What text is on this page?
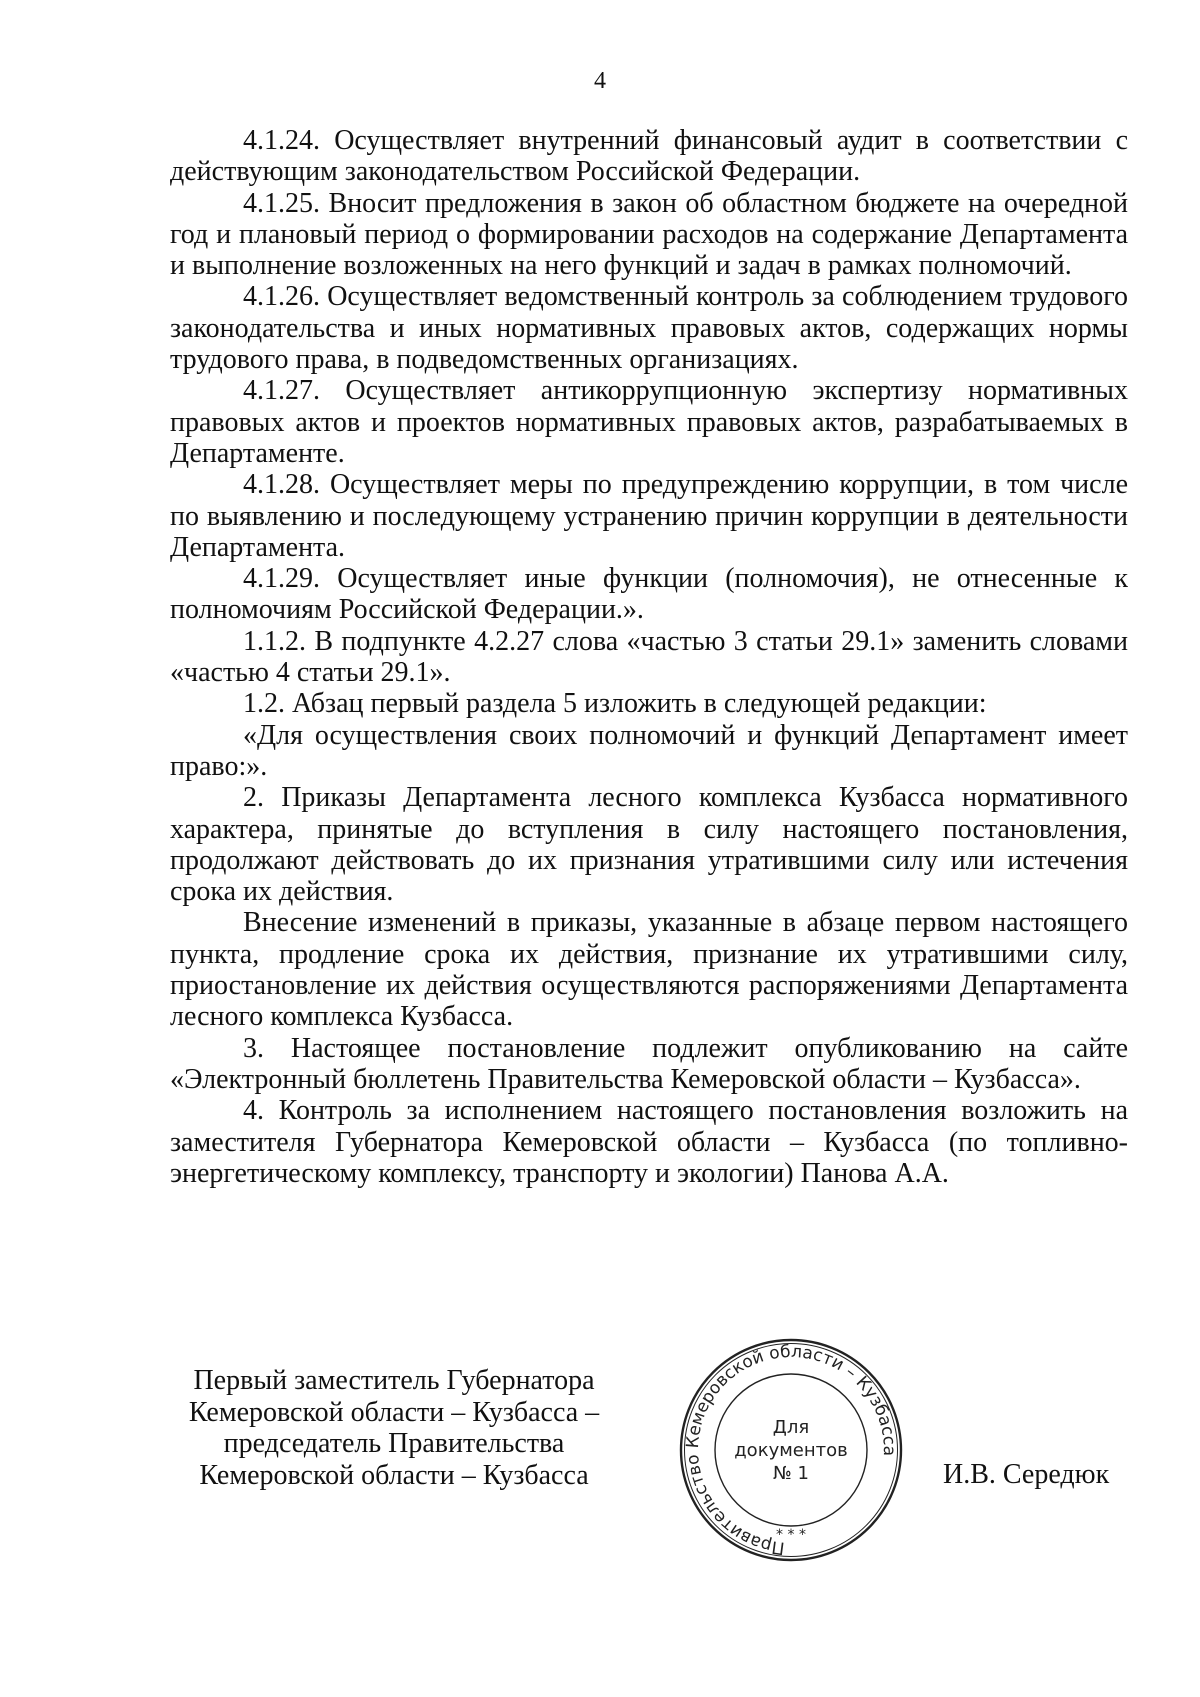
4

4.1.24. Осуществляет внутренний финансовый аудит в соответствии с действующим законодательством Российской Федерации.

4.1.25. Вносит предложения в закон об областном бюджете на очередной год и плановый период о формировании расходов на содержание Департамента и выполнение возложенных на него функций и задач в рамках полномочий.

4.1.26. Осуществляет ведомственный контроль за соблюдением трудового законодательства и иных нормативных правовых актов, содержащих нормы трудового права, в подведомственных организациях.

4.1.27. Осуществляет антикоррупционную экспертизу нормативных правовых актов и проектов нормативных правовых актов, разрабатываемых в Департаменте.

4.1.28. Осуществляет меры по предупреждению коррупции, в том числе по выявлению и последующему устранению причин коррупции в деятельности Департамента.

4.1.29. Осуществляет иные функции (полномочия), не отнесенные к полномочиям Российской Федерации.».

1.1.2. В подпункте 4.2.27 слова «частью 3 статьи 29.1» заменить словами «частью 4 статьи 29.1».

1.2. Абзац первый раздела 5 изложить в следующей редакции:

«Для осуществления своих полномочий и функций Департамент имеет право:».

2. Приказы Департамента лесного комплекса Кузбасса нормативного характера, принятые до вступления в силу настоящего постановления, продолжают действовать до их признания утратившими силу или истечения срока их действия.

Внесение изменений в приказы, указанные в абзаце первом настоящего пункта, продление срока их действия, признание их утратившими силу, приостановление их действия осуществляются распоряжениями Департамента лесного комплекса Кузбасса.

3. Настоящее постановление подлежит опубликованию на сайте «Электронный бюллетень Правительства Кемеровской области – Кузбасса».

4. Контроль за исполнением настоящего постановления возложить на заместителя Губернатора Кемеровской области – Кузбасса (по топливно-энергетическому комплексу, транспорту и экологии) Панова А.А.

Первый заместитель Губернатора
Кемеровской области – Кузбасса –
председатель Правительства
Кемеровской области – Кузбасса
Правительство Кемеровской области – Кузбасса
Для
документов
№ 1
* * *
И.В. Середюк
